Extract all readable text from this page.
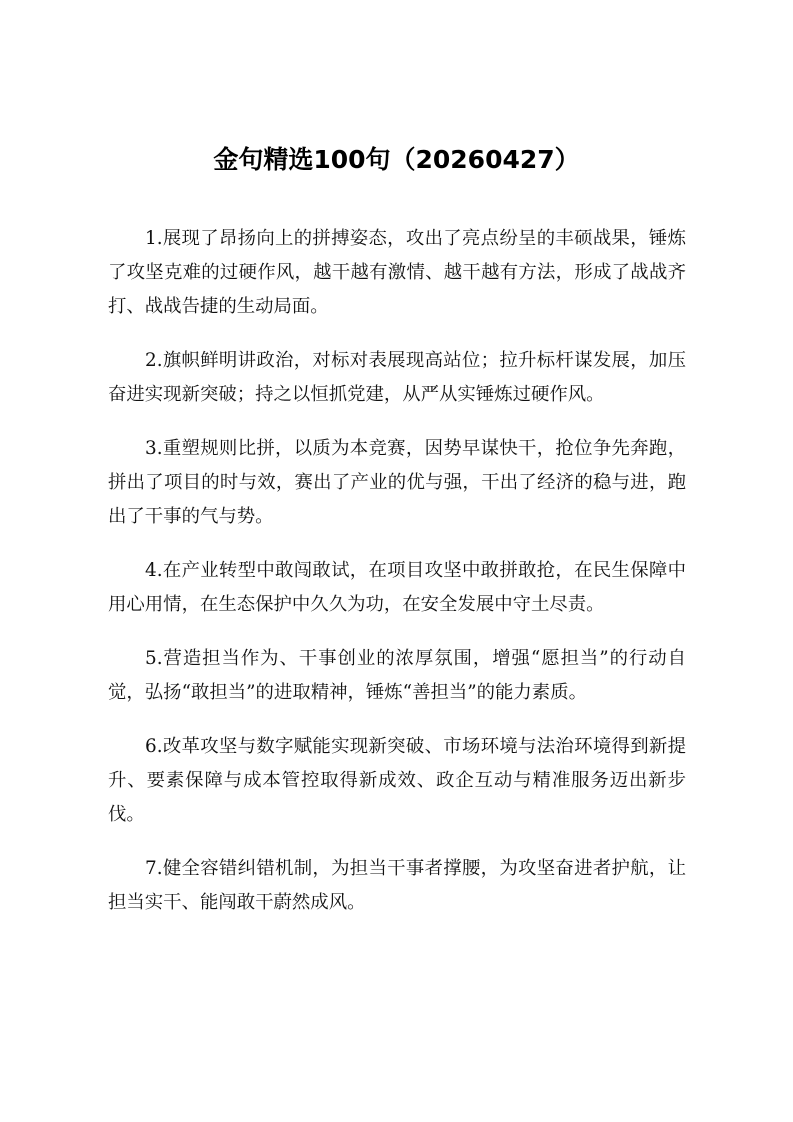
金句精选100句（20260427）

1.展现了昂扬向上的拼搏姿态，攻出了亮点纷呈的丰硕战果，锤炼了攻坚克难的过硬作风，越干越有激情、越干越有方法，形成了战战齐打、战战告捷的生动局面。

2.旗帜鲜明讲政治，对标对表展现高站位；拉升标杆谋发展，加压奋进实现新突破；持之以恒抓党建，从严从实锤炼过硬作风。

3.重塑规则比拼，以质为本竞赛，因势早谋快干，抢位争先奔跑，拼出了项目的时与效，赛出了产业的优与强，干出了经济的稳与进，跑出了干事的气与势。

4.在产业转型中敢闯敢试，在项目攻坚中敢拼敢抢，在民生保障中用心用情，在生态保护中久久为功，在安全发展中守土尽责。

5.营造担当作为、干事创业的浓厚氛围，增强“愿担当”的行动自觉，弘扬“敢担当”的进取精神，锤炼“善担当”的能力素质。

6.改革攻坚与数字赋能实现新突破、市场环境与法治环境得到新提升、要素保障与成本管控取得新成效、政企互动与精准服务迈出新步伐。

7.健全容错纠错机制，为担当干事者撑腰，为攻坚奋进者护航，让担当实干、能闯敢干蔚然成风。
